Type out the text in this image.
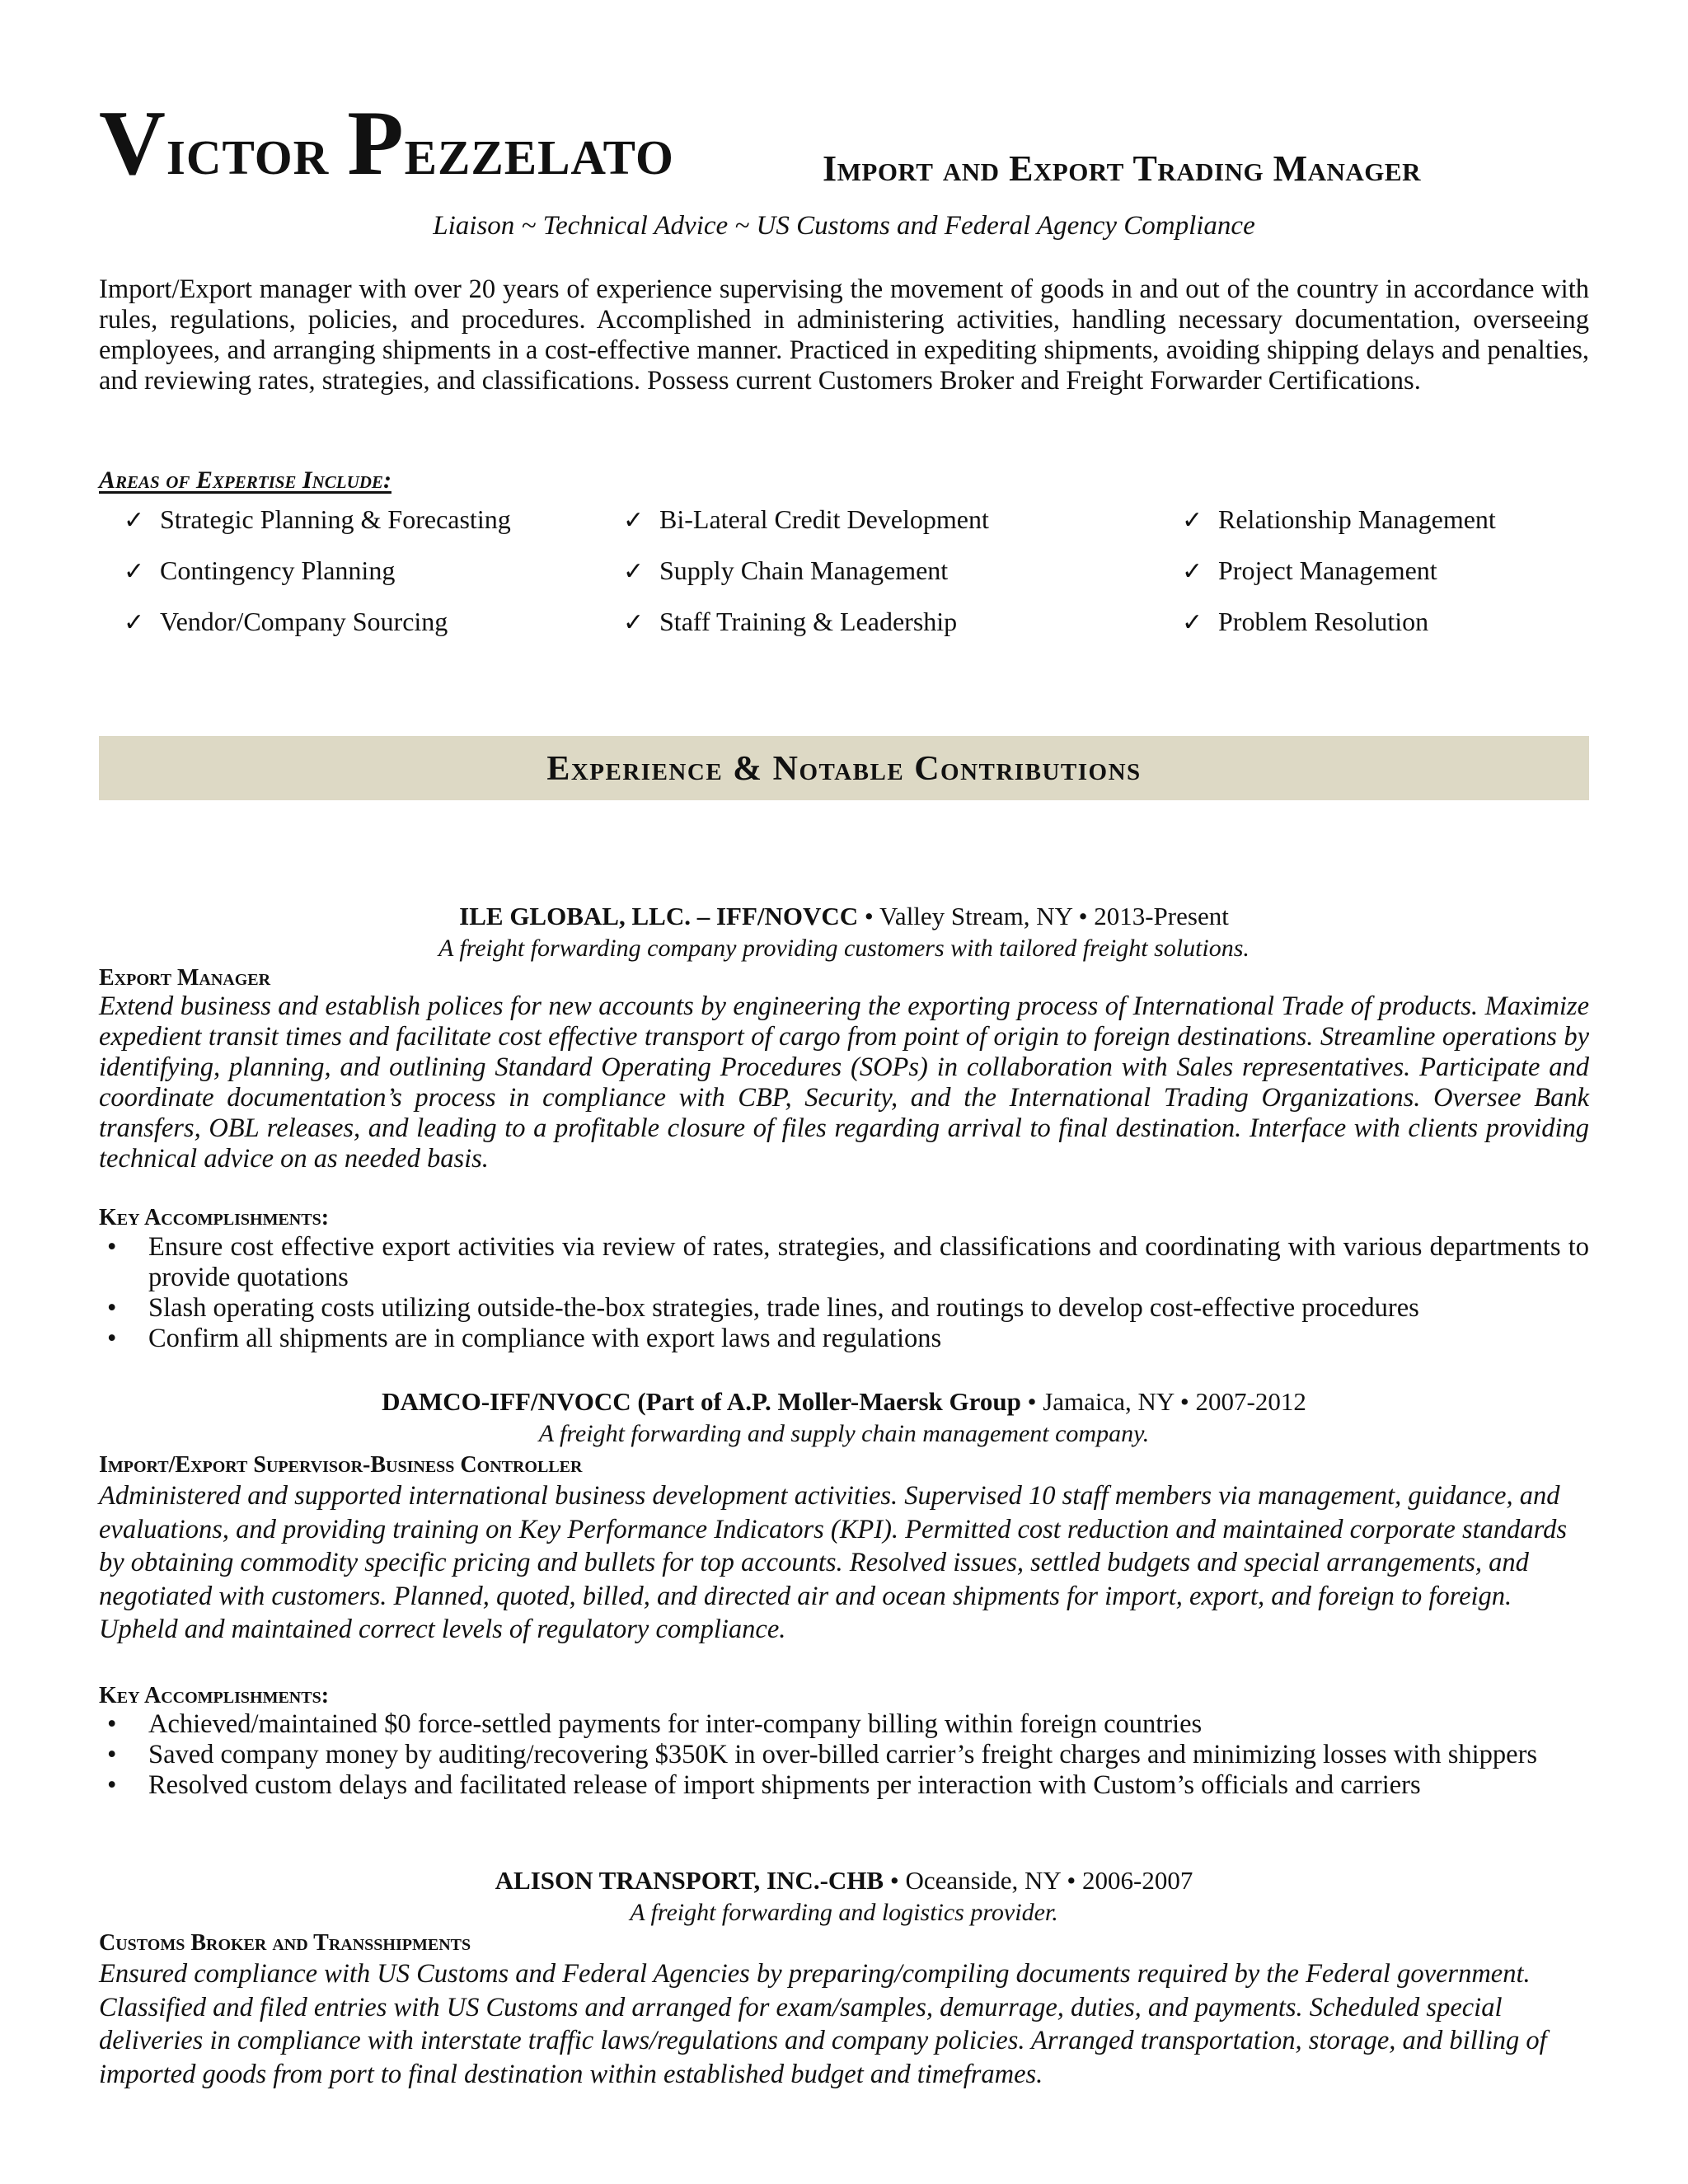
Victor Pezzelato	Import and Export Trading Manager
Liaison ~ Technical Advice ~ US Customs and Federal Agency Compliance
Import/Export manager with over 20 years of experience supervising the movement of goods in and out of the country in accordance with rules, regulations, policies, and procedures. Accomplished in administering activities, handling necessary documentation, overseeing employees, and arranging shipments in a cost-effective manner. Practiced in expediting shipments, avoiding shipping delays and penalties, and reviewing rates, strategies, and classifications. Possess current Customers Broker and Freight Forwarder Certifications.
Areas of Expertise Include:
✓ Strategic Planning & Forecasting	✓ Bi-Lateral Credit Development	✓ Relationship Management
✓ Contingency Planning	✓ Supply Chain Management	✓ Project Management
✓ Vendor/Company Sourcing	✓ Staff Training & Leadership	✓ Problem Resolution
Experience & Notable Contributions
ILE GLOBAL, LLC. – IFF/NOVCC • Valley Stream, NY • 2013-Present
A freight forwarding company providing customers with tailored freight solutions.
Export Manager
Extend business and establish polices for new accounts by engineering the exporting process of International Trade of products. Maximize expedient transit times and facilitate cost effective transport of cargo from point of origin to foreign destinations. Streamline operations by identifying, planning, and outlining Standard Operating Procedures (SOPs) in collaboration with Sales representatives. Participate and coordinate documentation’s process in compliance with CBP, Security, and the International Trading Organizations. Oversee Bank transfers, OBL releases, and leading to a profitable closure of files regarding arrival to final destination. Interface with clients providing technical advice on as needed basis.
Key Accomplishments:
• Ensure cost effective export activities via review of rates, strategies, and classifications and coordinating with various departments to provide quotations
• Slash operating costs utilizing outside-the-box strategies, trade lines, and routings to develop cost-effective procedures
• Confirm all shipments are in compliance with export laws and regulations
DAMCO-IFF/NVOCC (Part of A.P. Moller-Maersk Group • Jamaica, NY • 2007-2012
A freight forwarding and supply chain management company.
Import/Export Supervisor-Business Controller
Administered and supported international business development activities. Supervised 10 staff members via management, guidance, and evaluations, and providing training on Key Performance Indicators (KPI). Permitted cost reduction and maintained corporate standards by obtaining commodity specific pricing and bullets for top accounts. Resolved issues, settled budgets and special arrangements, and negotiated with customers. Planned, quoted, billed, and directed air and ocean shipments for import, export, and foreign to foreign. Upheld and maintained correct levels of regulatory compliance.
Key Accomplishments:
• Achieved/maintained $0 force-settled payments for inter-company billing within foreign countries
• Saved company money by auditing/recovering $350K in over-billed carrier’s freight charges and minimizing losses with shippers
• Resolved custom delays and facilitated release of import shipments per interaction with Custom’s officials and carriers
ALISON TRANSPORT, INC.-CHB • Oceanside, NY • 2006-2007
A freight forwarding and logistics provider.
Customs Broker and Transshipments
Ensured compliance with US Customs and Federal Agencies by preparing/compiling documents required by the Federal government. Classified and filed entries with US Customs and arranged for exam/samples, demurrage, duties, and payments. Scheduled special deliveries in compliance with interstate traffic laws/regulations and company policies. Arranged transportation, storage, and billing of imported goods from port to final destination within established budget and timeframes.
